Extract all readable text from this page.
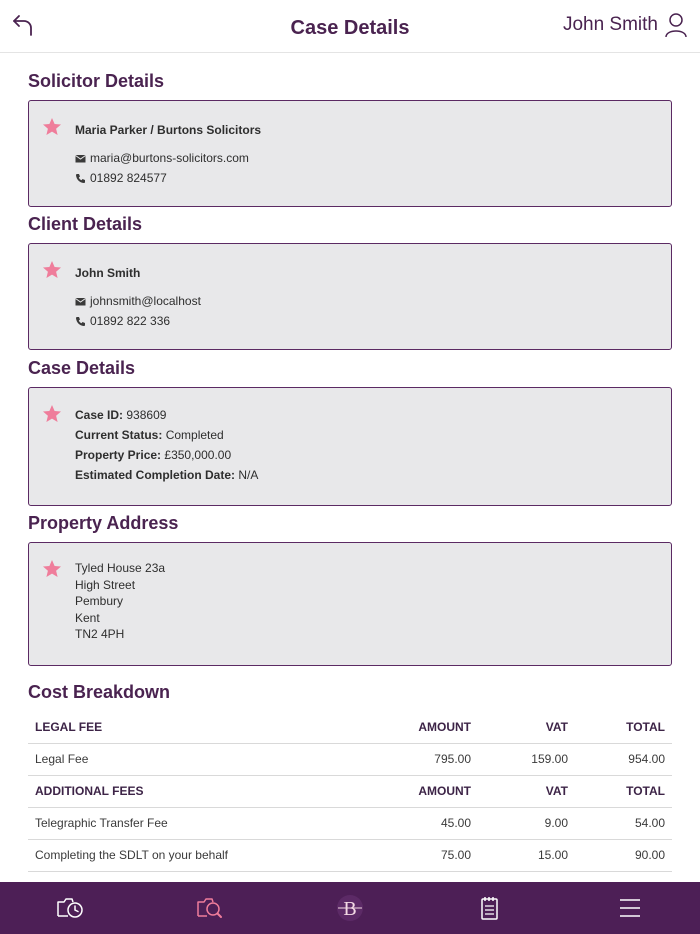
Case Details	John Smith
Solicitor Details
Maria Parker / Burtons Solicitors
maria@burtons-solicitors.com
01892 824577
Client Details
John Smith
johnsmith@localhost
01892 822 336
Case Details
Case ID: 938609
Current Status: Completed
Property Price: £350,000.00
Estimated Completion Date: N/A
Property Address
Tyled House 23a
High Street
Pembury
Kent
TN2 4PH
Cost Breakdown
LEGAL FEE	AMOUNT	VAT	TOTAL
Legal Fee	795.00	159.00	954.00
ADDITIONAL FEES	AMOUNT	VAT	TOTAL
Telegraphic Transfer Fee	45.00	9.00	54.00
Completing the SDLT on your behalf	75.00	15.00	90.00
B
